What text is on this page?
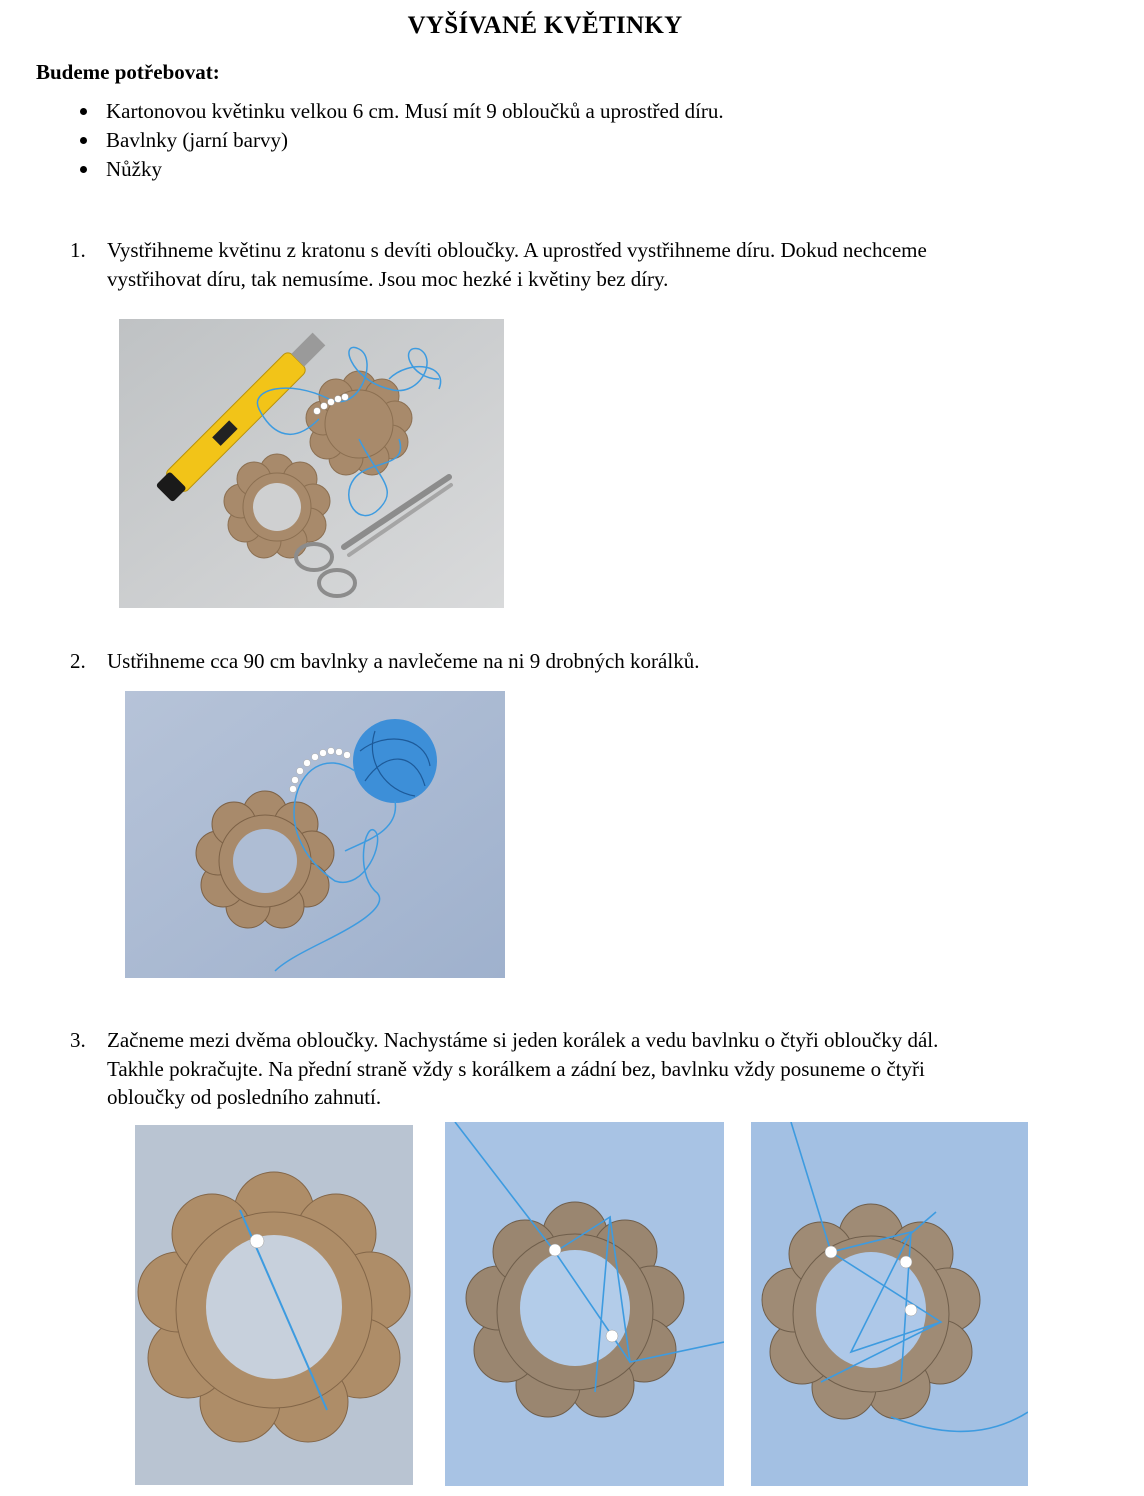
VYŠÍVANÉ KVĚTINKY
Budeme potřebovat:
Kartonovou květinku velkou 6 cm. Musí mít 9 obloučků a uprostřed díru.
Bavlnky (jarní barvy)
Nůžky
1. Vystřihneme květinu z kratonu s devíti obloučky. A uprostřed vystřihneme díru. Dokud nechceme
vystřihovat díru, tak nemusíme. Jsou moc hezké i květiny bez díry.
2. Ustřihneme cca 90 cm bavlnky a navlečeme na ni 9 drobných korálků.
3. Začneme mezi dvěma obloučky. Nachystáme si jeden korálek a vedu bavlnku o čtyři obloučky dál.
Takhle pokračujte. Na přední straně vždy s korálkem a zádní bez, bavlnku vždy posuneme o čtyři
obloučky od posledního zahnutí.
